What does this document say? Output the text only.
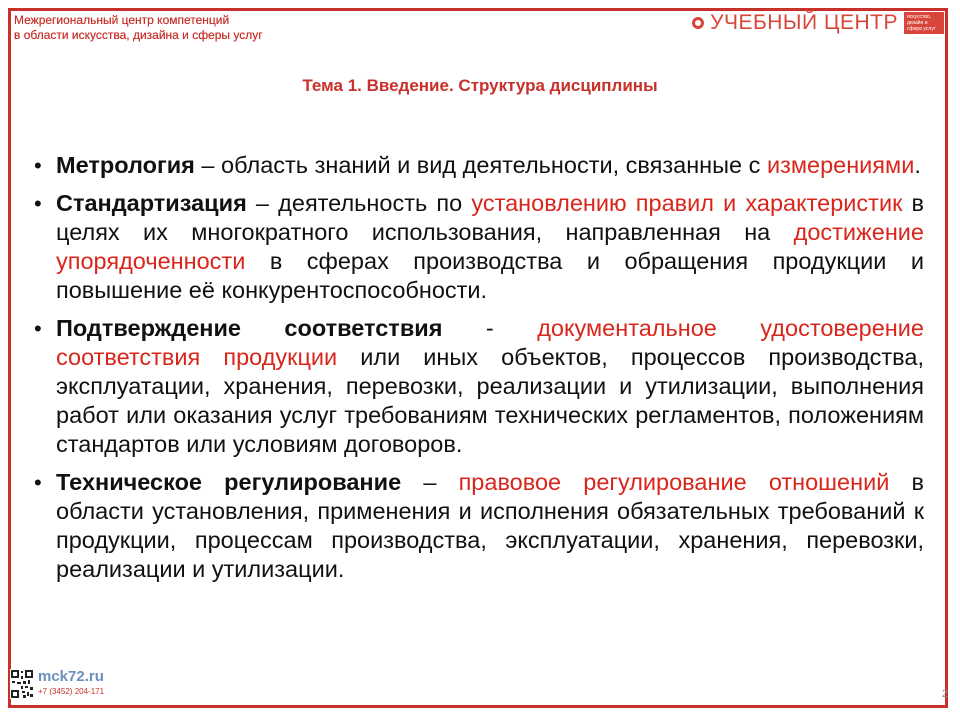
Межрегиональный центр компетенций
в области искусства, дизайна и сферы услуг
УЧЕБНЫЙ ЦЕНТР	искусство, дизайн и сфера услуг
Тема 1. Введение. Структура дисциплины
• Метрология – область знаний и вид деятельности, связанные с измерениями.
• Стандартизация – деятельность по установлению правил и характеристик в целях их многократного использования, направленная на достижение упорядоченности в сферах производства и обращения продукции и повышение её конкурентоспособности.
• Подтверждение соответствия - документальное удостоверение соответствия продукции или иных объектов, процессов производства, эксплуатации, хранения, перевозки, реализации и утилизации, выполнения работ или оказания услуг требованиям технических регламентов, положениям стандартов или условиям договоров.
• Техническое регулирование – правовое регулирование отношений в области установления, применения и исполнения обязательных требований к продукции, процессам производства, эксплуатации, хранения, перевозки, реализации и утилизации.
mck72.ru
+7 (3452) 204-171	2
